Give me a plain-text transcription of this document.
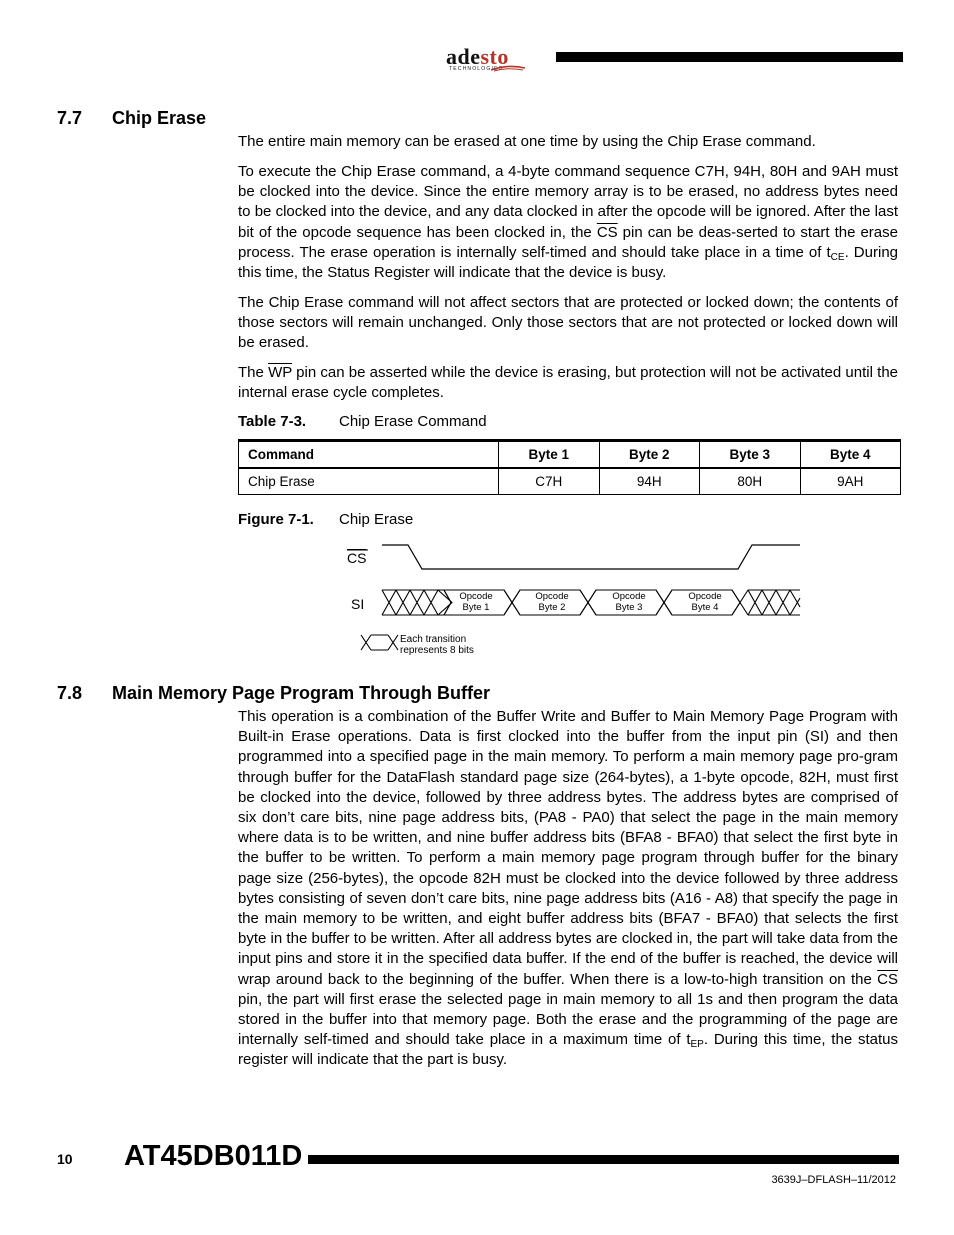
adesto
TECHNOLOGIES
7.7 Chip Erase
The entire main memory can be erased at one time by using the Chip Erase command.
To execute the Chip Erase command, a 4-byte command sequence C7H, 94H, 80H and 9AH must be clocked into the device. Since the entire memory array is to be erased, no address bytes need to be clocked into the device, and any data clocked in after the opcode will be ignored. After the last bit of the opcode sequence has been clocked in, the $\overline{CS}$ pin can be deas-serted to start the erase process. The erase operation is internally self-timed and should take place in a time of $t_{CE}$. During this time, the Status Register will indicate that the device is busy.
The Chip Erase command will not affect sectors that are protected or locked down; the contents of those sectors will remain unchanged. Only those sectors that are not protected or locked down will be erased.
The $\overline{WP}$ pin can be asserted while the device is erasing, but protection will not be activated until the internal erase cycle completes.
Table 7-3. Chip Erase Command
Command	Byte 1	Byte 2	Byte 3	Byte 4
Chip Erase	C7H	94H	80H	9AH
Figure 7-1. Chip Erase
CS
SI	Opcode
Byte 1
Opcode
Byte 2
Opcode
Byte 3
Opcode
Byte 4
Each transition
represents 8 bits
7.8 Main Memory Page Program Through Buffer
This operation is a combination of the Buffer Write and Buffer to Main Memory Page Program with Built-in Erase operations. Data is first clocked into the buffer from the input pin (SI) and then programmed into a specified page in the main memory. To perform a main memory page pro-gram through buffer for the DataFlash standard page size (264-bytes), a 1-byte opcode, 82H, must first be clocked into the device, followed by three address bytes. The address bytes are comprised of six don’t care bits, nine page address bits, (PA8 - PA0) that select the page in the main memory where data is to be written, and nine buffer address bits (BFA8 - BFA0) that select the first byte in the buffer to be written. To perform a main memory page program through buffer for the binary page size (256-bytes), the opcode 82H must be clocked into the device followed by three address bytes consisting of seven don’t care bits, nine page address bits (A16 - A8) that specify the page in the main memory to be written, and eight buffer address bits (BFA7 - BFA0) that selects the first byte in the buffer to be written. After all address bytes are clocked in, the part will take data from the input pins and store it in the specified data buffer. If the end of the buffer is reached, the device will wrap around back to the beginning of the buffer. When there is a low-to-high transition on the $\overline{CS}$ pin, the part will first erase the selected page in main memory to all 1s and then program the data stored in the buffer into that memory page. Both the erase and the programming of the page are internally self-timed and should take place in a maximum time of $t_{EP}$. During this time, the status register will indicate that the part is busy.
10 AT45DB011D
3639J–DFLASH–11/2012
